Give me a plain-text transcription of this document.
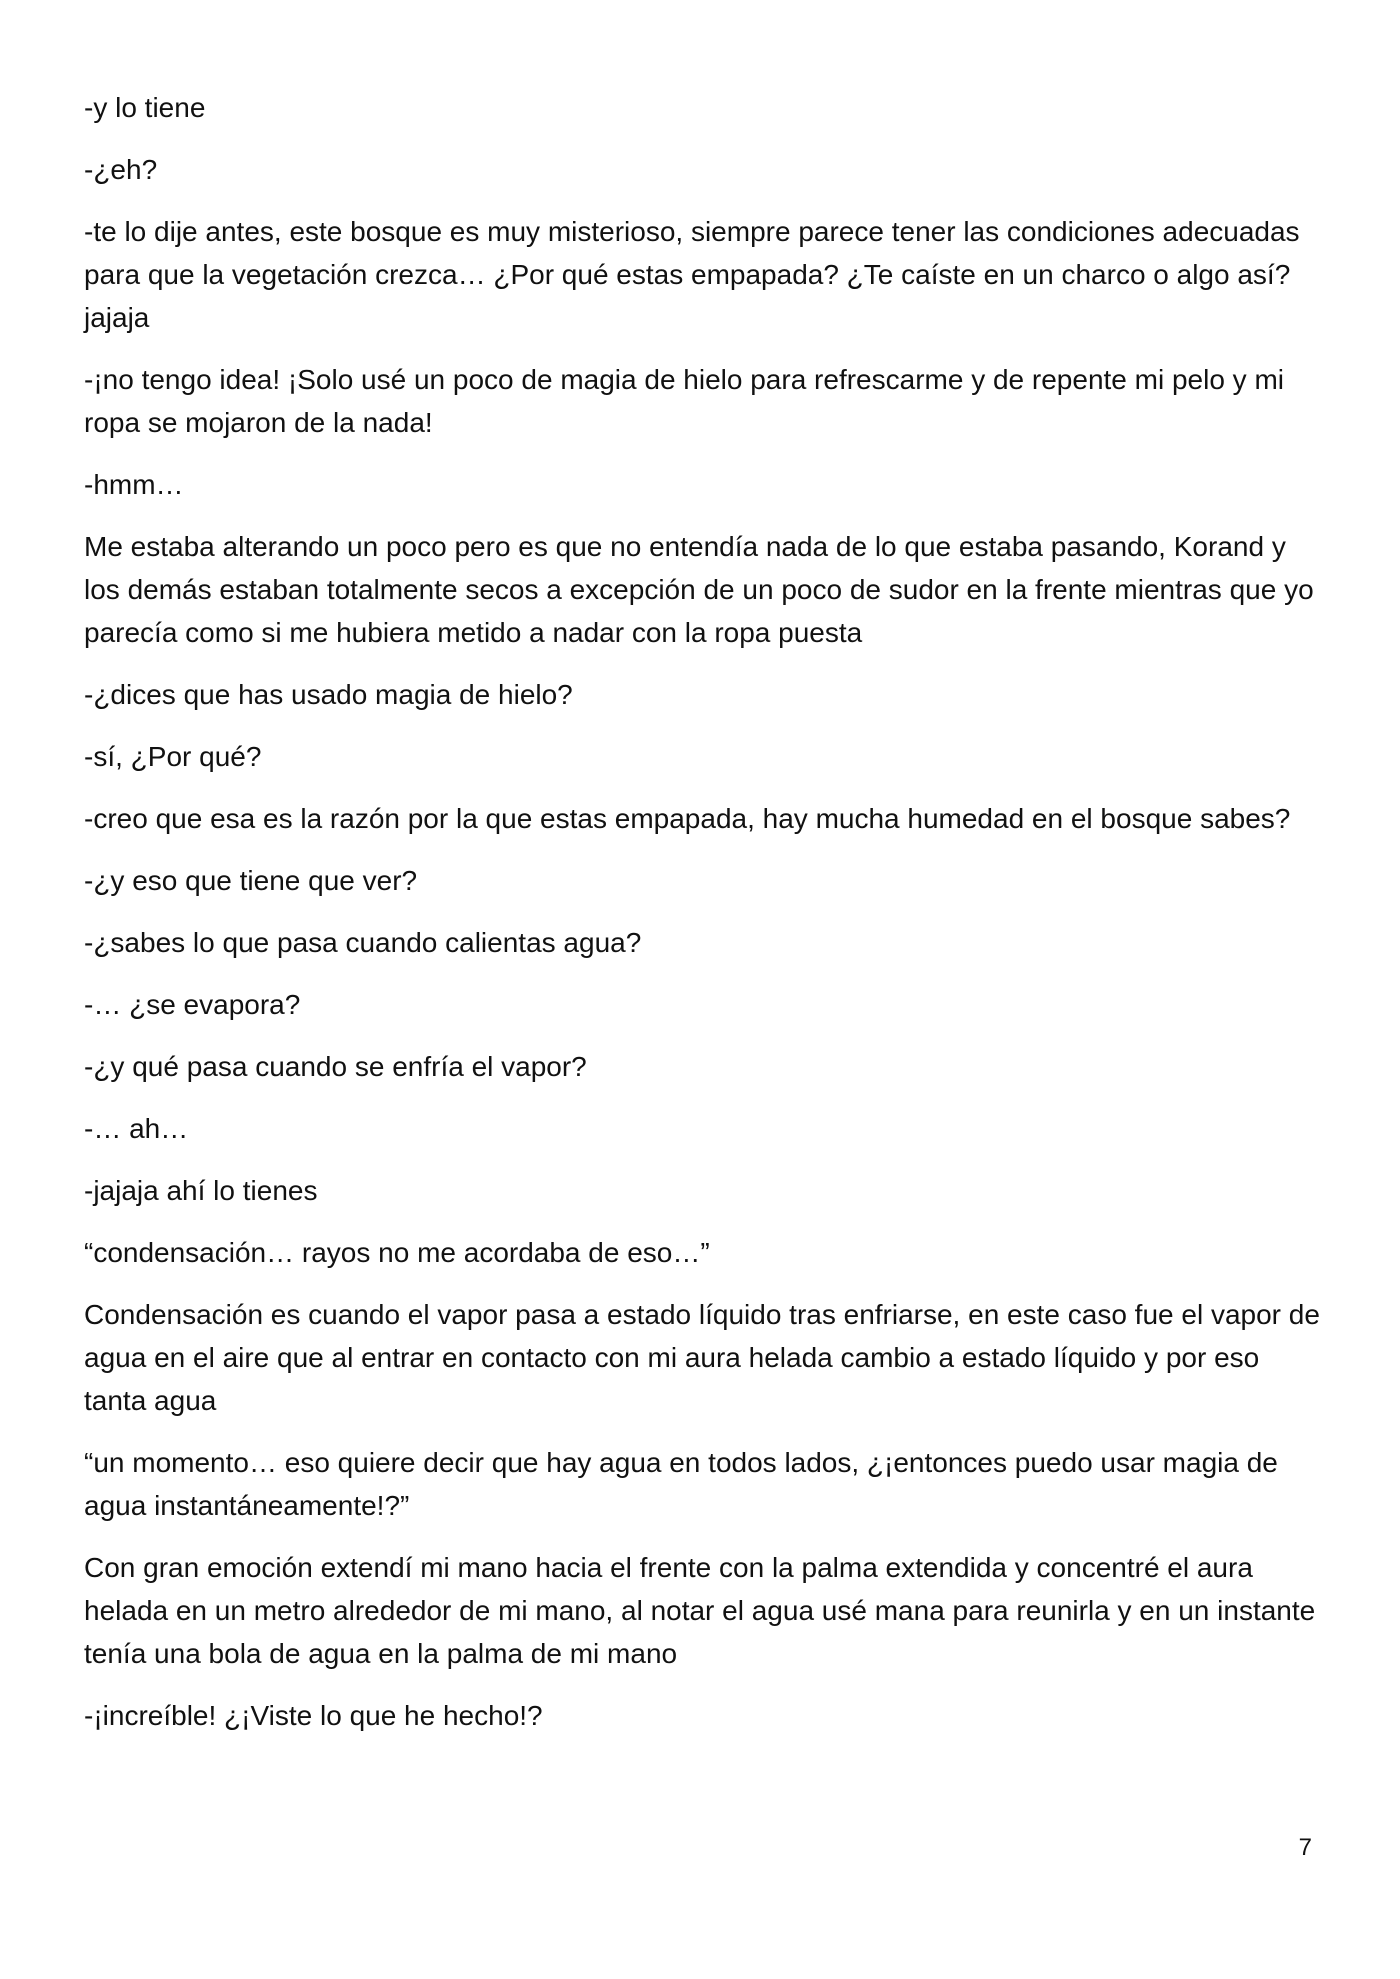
-y lo tiene

-¿eh?

-te lo dije antes, este bosque es muy misterioso, siempre parece tener las condiciones adecuadas para que la vegetación crezca… ¿Por qué estas empapada? ¿Te caíste en un charco o algo así? jajaja

-¡no tengo idea! ¡Solo usé un poco de magia de hielo para refrescarme y de repente mi pelo y mi ropa se mojaron de la nada!

-hmm…

Me estaba alterando un poco pero es que no entendía nada de lo que estaba pasando, Korand y los demás estaban totalmente secos a excepción de un poco de sudor en la frente mientras que yo parecía como si me hubiera metido a nadar con la ropa puesta

-¿dices que has usado magia de hielo?

-sí, ¿Por qué?

-creo que esa es la razón por la que estas empapada, hay mucha humedad en el bosque sabes?

-¿y eso que tiene que ver?

-¿sabes lo que pasa cuando calientas agua?

-… ¿se evapora?

-¿y qué pasa cuando se enfría el vapor?

-… ah…

-jajaja ahí lo tienes

“condensación… rayos no me acordaba de eso…”

Condensación es cuando el vapor pasa a estado líquido tras enfriarse, en este caso fue el vapor de agua en el aire que al entrar en contacto con mi aura helada cambio a estado líquido y por eso tanta agua

“un momento… eso quiere decir que hay agua en todos lados, ¿¡entonces puedo usar magia de agua instantáneamente!?”

Con gran emoción extendí mi mano hacia el frente con la palma extendida y concentré el aura helada en un metro alrededor de mi mano, al notar el agua usé mana para reunirla y en un instante tenía una bola de agua en la palma de mi mano

-¡increíble! ¿¡Viste lo que he hecho!?

7
